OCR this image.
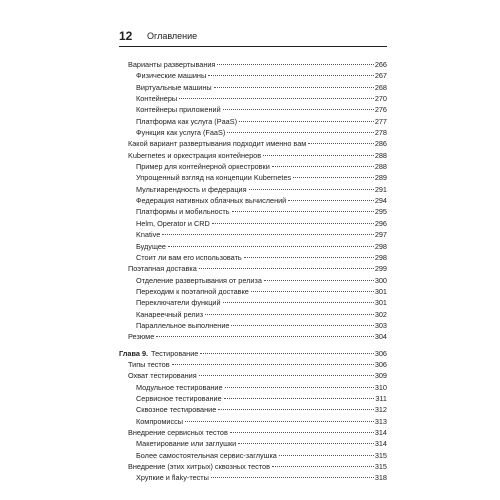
12 Оглавление
Варианты развертывания	266
Физические машины	267
Виртуальные машины	268
Контейнеры	270
Контейнеры приложений	276
Платформа как услуга (PaaS)	277
Функция как услуга (FaaS)	278
Какой вариант развертывания подходит именно вам	286
Kubernetes и оркестрация контейнеров	288
Пример для контейнерной оркестровки	288
Упрощенный взгляд на концепции Kubernetes	289
Мультиарендность и федерация	291
Федерация нативных облачных вычислений	294
Платформы и мобильность	295
Helm, Operator и CRD	296
Knative	297
Будущее	298
Стоит ли вам его использовать	298
Поэтапная доставка	299
Отделение развертывания от релиза	300
Переходим к поэтапной доставке	301
Переключатели функций	301
Канареечный релиз	302
Параллельное выполнение	303
Резюме	304
Глава 9. Тестирование	306
Типы тестов	306
Охват тестирования	309
Модульное тестирование	310
Сервисное тестирование	311
Сквозное тестирование	312
Компромиссы	313
Внедрение сервисных тестов	314
Макетирование или заглушки	314
Более самостоятельная сервис-заглушка	315
Внедрение (этих хитрых) сквозных тестов	315
Хрупкие и flaky-тесты	318
